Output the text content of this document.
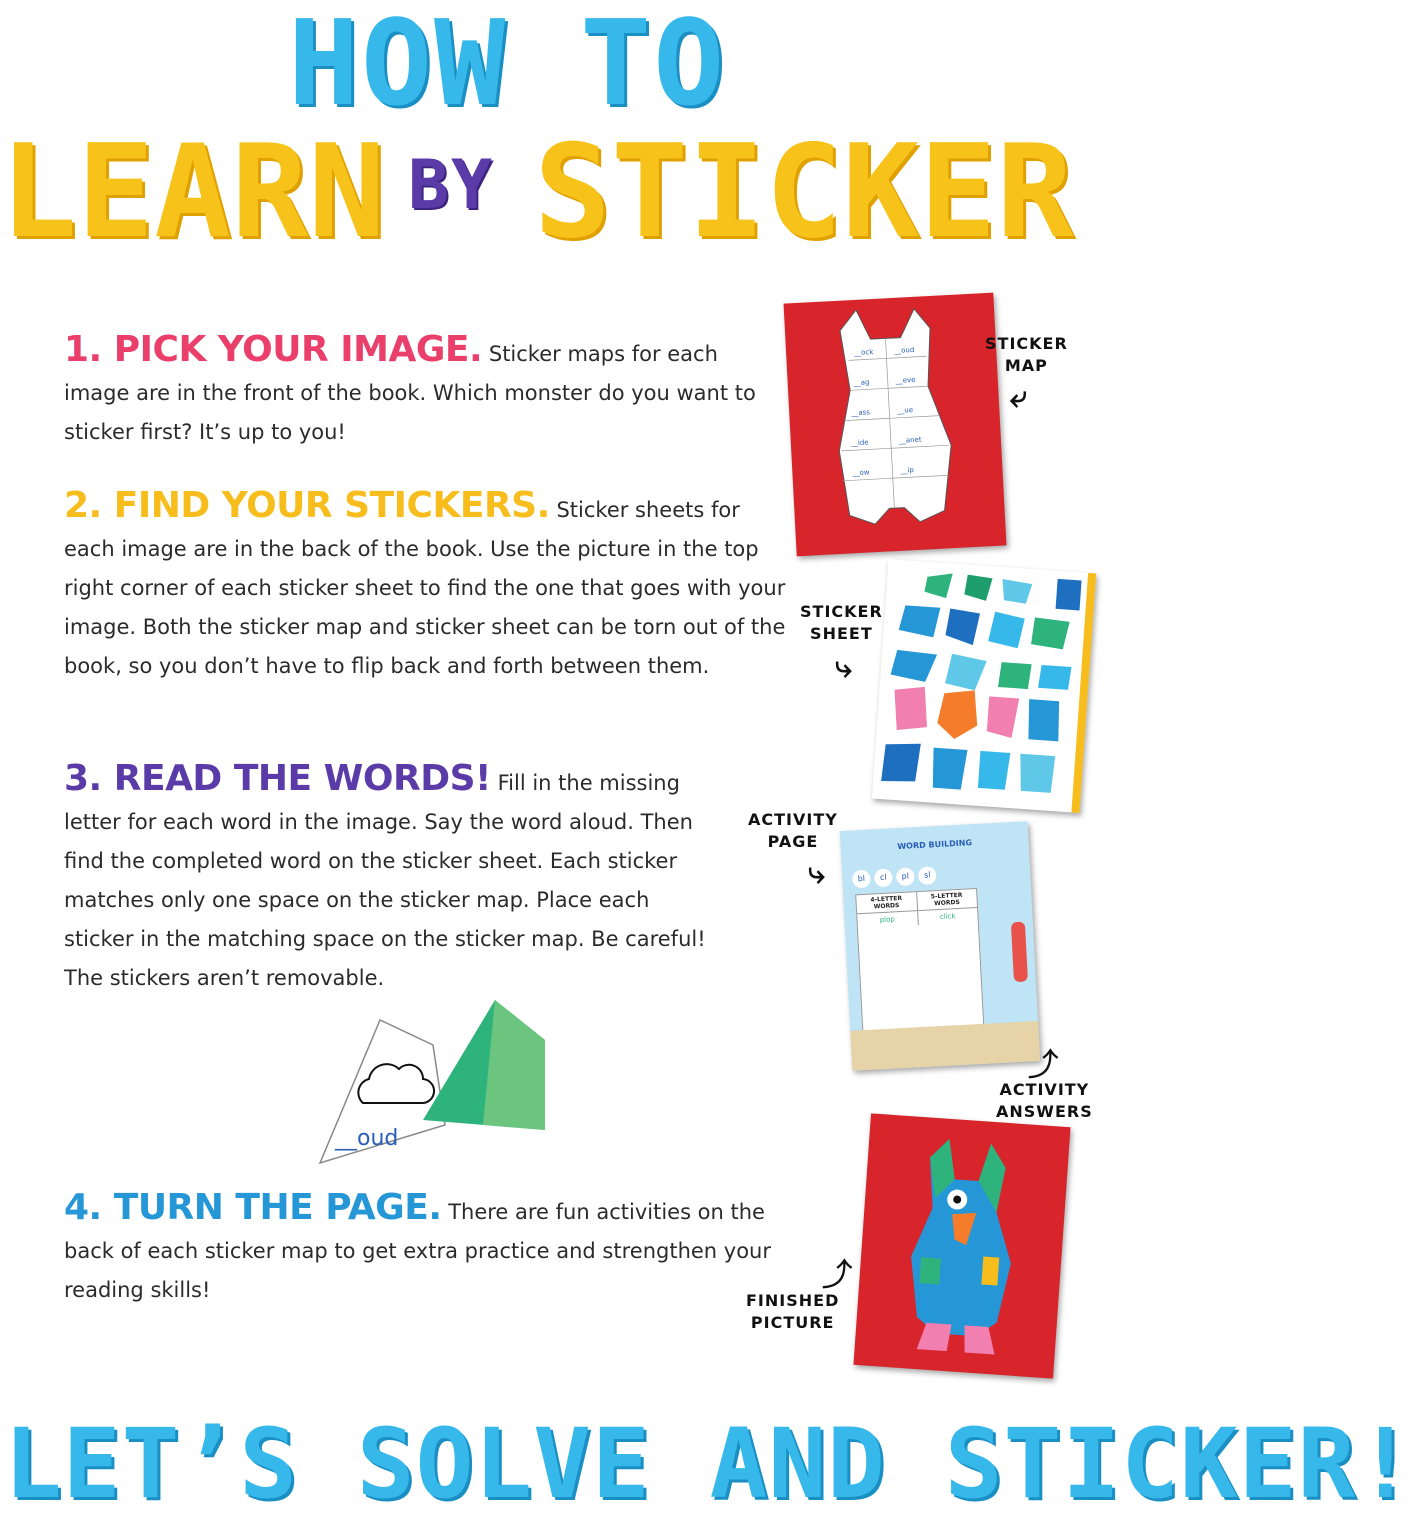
HOW TO
LEARN BY STICKER
1. PICK YOUR IMAGE. Sticker maps for each image are in the front of the book. Which monster do you want to sticker first? It’s up to you!
2. FIND YOUR STICKERS. Sticker sheets for each image are in the back of the book. Use the picture in the top right corner of each sticker sheet to find the one that goes with your image. Both the sticker map and sticker sheet can be torn out of the book, so you don’t have to flip back and forth between them.
3. READ THE WORDS! Fill in the missing letter for each word in the image. Say the word aloud. Then find the completed word on the sticker sheet. Each sticker matches only one space on the sticker map. Place each sticker in the matching space on the sticker map. Be careful! The stickers aren’t removable.
__oud
4. TURN THE PAGE. There are fun activities on the back of each sticker map to get extra practice and strengthen your reading skills!
__ock	__oud
__ag	__eve
__ass	__ue
__ide	__anet
__ow	__ip
STICKER
MAP
⤶
STICKER
SHEET
⤷
WORD BUILDING
bl	cl	pl	sl
4-LETTER WORDS
5-LETTER WORDS
plop	click
ACTIVITY
PAGE
⤷
⤴
ACTIVITY
ANSWERS
⤴
FINISHED
PICTURE
LET’S SOLVE AND STICKER!
